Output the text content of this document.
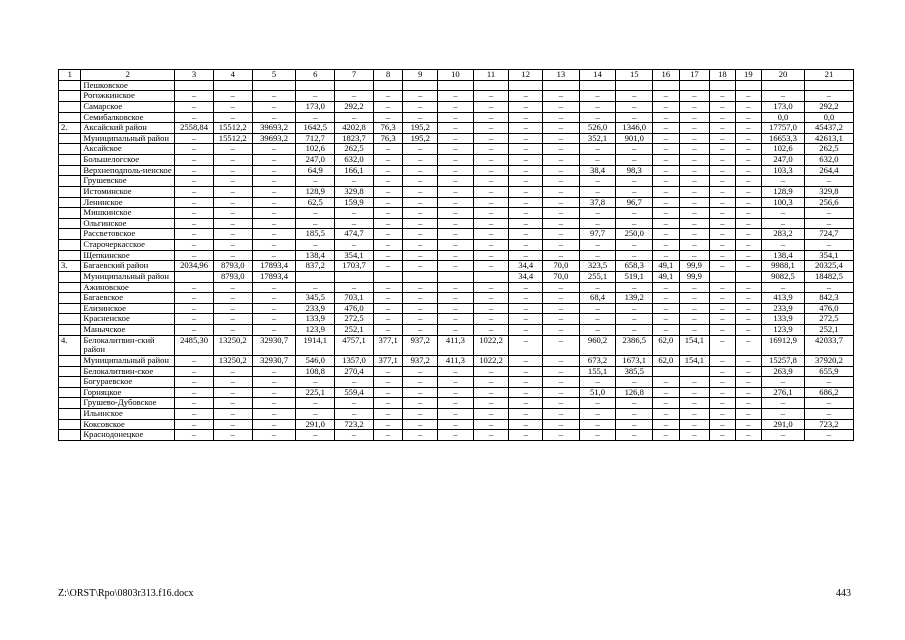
1	2	3	4	5	6	7	8	9	10	11	12	13	14	15	16	17	18	19	20	21
	Пешковское																			
	Рогожкинское	–	–	–	–	–	–	–	–	–	–	–	–	–	–	–	–	–	–	–
	Самарское	–	–	–	173,0	292,2	–	–	–	–	–	–	–	–	–	–	–	–	173,0	292,2
	Семибалковское	–	–	–	–	–	–	–	–	–	–	–	–	–	–	–	–	–	0,0	0,0
2.	Аксайский район	2558,84	15512,2	39693,2	1642,5	4202,8	76,3	195,2	–	–	–	–	526,0	1346,0	–	–	–	–	17757,0	45437,2
	Муниципальный район	–	15512,2	39693,2	712,7	1823,7	76,3	195,2	–	–	–	–	352,1	901,0	–	–	–	–	16653,3	42613,1
	Аксайское	–	–	–	102,6	262,5	–	–	–	–	–	–	–	–	–	–	–	–	102,6	262,5
	Большелогское	–	–	–	247,0	632,0	–	–	–	–	–	–	–	–	–	–	–	–	247,0	632,0
	Верхнеподполь-ненское	–	–	–	64,9	166,1	–	–	–	–	–	–	38,4	98,3	–	–	–	–	103,3	264,4
	Грушевское	–	–	–	–	–	–	–	–	–	–	–	–	–	–	–	–	–	–	–
	Истоминское	–	–	–	128,9	329,8	–	–	–	–	–	–	–	–	–	–	–	–	128,9	329,8
	Ленинское	–	–	–	62,5	159,9	–	–	–	–	–	–	37,8	96,7	–	–	–	–	100,3	256,6
	Мишкинское	–	–	–	–	–	–	–	–	–	–	–	–	–	–	–	–	–	–	–
	Ольгинское	–	–	–	–	–	–	–	–	–	–	–	–	–	–	–	–	–	–	–
	Рассветовское	–	–	–	185,5	474,7	–	–	–	–	–	–	97,7	250,0	–	–	–	–	283,2	724,7
	Старочеркасское	–	–	–	–	–	–	–	–	–	–	–	–	–	–	–	–	–	–	–
	Щепкинское	–	–	–	138,4	354,1	–	–	–	–	–	–	–	–	–	–	–	–	138,4	354,1
3.	Багаевский район	2034,96	8793,0	17893,4	837,2	1703,7	–	–	–	–	34,4	70,0	323,5	658,3	49,1	99,9	–	–	9988,1	20325,4
	Муниципальный район		8793,0	17893,4							34,4	70,0	255,1	519,1	49,1	99,9			9082,5	18482,5
	Ажиновское	–	–	–	–	–	–	–	–	–	–	–	–	–	–	–	–	–	–	–
	Багаевское	–	–	–	345,5	703,1	–	–	–	–	–	–	68,4	139,2	–	–	–	–	413,9	842,3
	Елизинское	–	–	–	233,9	476,0	–	–	–	–	–	–	–	–	–	–	–	–	233,9	476,0
	Красненское	–	–	–	133,9	272,5	–	–	–	–	–	–	–	–	–	–	–	–	133,9	272,5
	Манычское	–	–	–	123,9	252,1	–	–	–	–	–	–	–	–	–	–	–	–	123,9	252,1
4.	Белокалитвин-ский район	2485,30	13250,2	32930,7	1914,1	4757,1	377,1	937,2	411,3	1022,2	–	–	960,2	2386,5	62,0	154,1	–	–	16912,9	42033,7
	Муниципальный район	–	13250,2	32930,7	546,0	1357,0	377,1	937,2	411,3	1022,2	–	–	673,2	1673,1	62,0	154,1	–	–	15257,8	37920,2
	Белокалитвин-ское	–	–	–	108,8	270,4	–	–	–	–	–	–	155,1	385,5			–	–	263,9	655,9
	Богураевское	–	–	–	–	–	–	–	–	–	–	–	–	–	–	–	–	–	–	–
	Горняцкое	–	–	–	225,1	559,4	–	–	–	–	–	–	51,0	126,8	–	–	–	–	276,1	686,2
	Грушево-Дубовское	–	–	–	–	–	–	–	–	–	–	–	–	–	–	–	–	–	–	–
	Ильинское	–	–	–	–	–	–	–	–	–	–	–	–	–	–	–	–	–	–	–
	Коксовское	–	–	–	291,0	723,2	–	–	–	–	–	–	–	–	–	–	–	–	291,0	723,2
	Краснодонецкое	–	–	–	–	–	–	–	–	–	–	–	–	–	–	–	–	–	–	–
Z:\ORST\Rpo\0803r313.f16.docx	443
